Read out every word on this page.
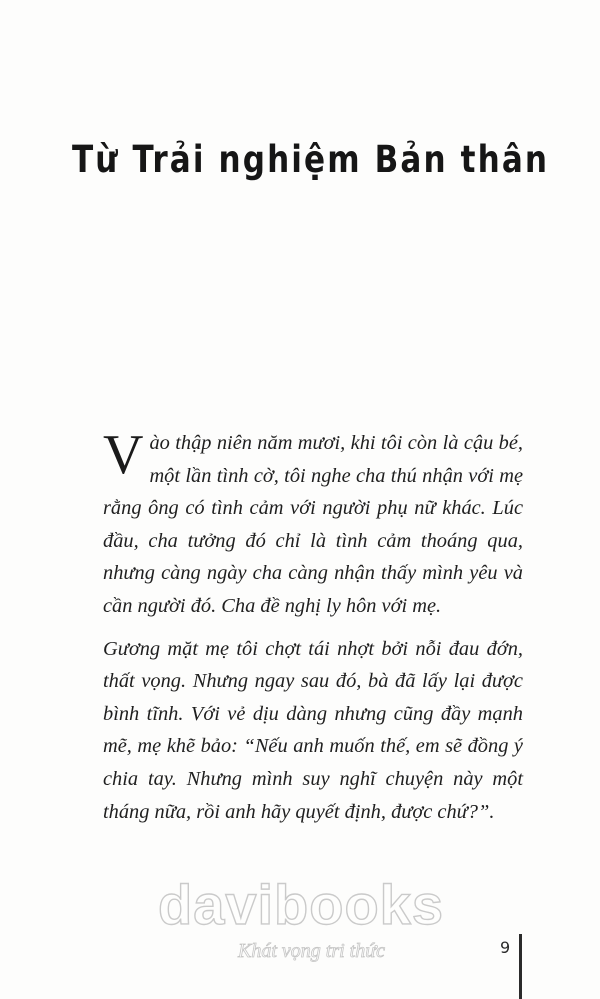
Từ Trải nghiệm Bản thân

Vào thập niên năm mươi, khi tôi còn là cậu bé, một lần tình cờ, tôi nghe cha thú nhận với mẹ rằng ông có tình cảm với người phụ nữ khác. Lúc đầu, cha tưởng đó chỉ là tình cảm thoáng qua, nhưng càng ngày cha càng nhận thấy mình yêu và cần người đó. Cha đề nghị ly hôn với mẹ.

Gương mặt mẹ tôi chợt tái nhợt bởi nỗi đau đớn, thất vọng. Nhưng ngay sau đó, bà đã lấy lại được bình tĩnh. Với vẻ dịu dàng nhưng cũng đầy mạnh mẽ, mẹ khẽ bảo: “Nếu anh muốn thế, em sẽ đồng ý chia tay. Nhưng mình suy nghĩ chuyện này một tháng nữa, rồi anh hãy quyết định, được chứ?”.

davibooks
Khát vọng tri thức	9
